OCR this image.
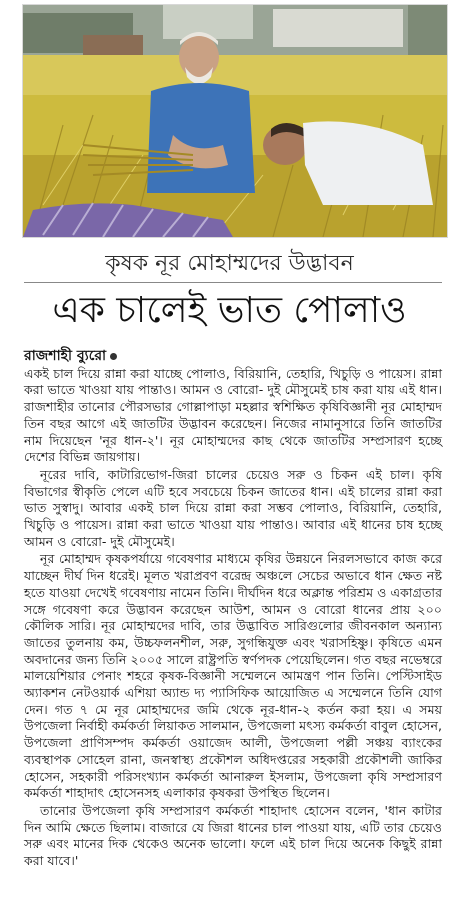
কৃষক নূর মোহাম্মদের উদ্ভাবন
এক চালেই ভাত পোলাও
রাজশাহী ব্যুরো

একই চাল দিয়ে রান্না করা যাচ্ছে পোলাও, বিরিয়ানি, তেহারি, খিচুড়ি ও পায়েস। রান্না করা ভাতে খাওয়া যায় পান্তাও। আমন ও বোরো- দুই মৌসুমেই চাষ করা যায় এই ধান। রাজশাহীর তানোর পৌরসভার গোল্লাপাড়া মহল্লার স্বশিক্ষিত কৃষিবিজ্ঞানী নূর মোহাম্মদ তিন বছর আগে এই জাতটির উদ্ভাবন করেছেন। নিজের নামানুসারে তিনি জাতটির নাম দিয়েছেন 'নূর ধান-২'। নূর মোহাম্মদের কাছ থেকে জাতটির সম্প্রসারণ হচ্ছে দেশের বিভিন্ন জায়গায়।

নূরের দাবি, কাটারিভোগ-জিরা চালের চেয়েও সরু ও চিকন এই চাল। কৃষি বিভাগের স্বীকৃতি পেলে এটি হবে সবচেয়ে চিকন জাতের ধান। এই চালের রান্না করা ভাত সুস্বাদু। আবার একই চাল দিয়ে রান্না করা সম্ভব পোলাও, বিরিয়ানি, তেহারি, খিচুড়ি ও পায়েস। রান্না করা ভাতে খাওয়া যায় পান্তাও। আবার এই ধানের চাষ হচ্ছে আমন ও বোরো- দুই মৌসুমেই।

নূর মোহাম্মদ কৃষকপর্যায়ে গবেষণার মাধ্যমে কৃষির উন্নয়নে নিরলসভাবে কাজ করে যাচ্ছেন দীর্ঘ দিন ধরেই। মূলত খরাপ্রবণ বরেন্দ্র অঞ্চলে সেচের অভাবে ধান ক্ষেত নষ্ট হতে যাওয়া দেখেই গবেষণায় নামেন তিনি। দীর্ঘদিন ধরে অক্লান্ত পরিশ্রম ও একাগ্রতার সঙ্গে গবেষণা করে উদ্ভাবন করেছেন আউশ, আমন ও বোরো ধানের প্রায় ২০০ কৌলিক সারি। নূর মোহাম্মদের দাবি, তার উদ্ভাবিত সারিগুলোর জীবনকাল অন্যান্য জাতের তুলনায় কম, উচ্চফলনশীল, সরু, সুগন্ধিযুক্ত এবং খরাসহিষ্ণু। কৃষিতে এমন অবদানের জন্য তিনি ২০০৫ সালে রাষ্ট্রপতি স্বর্ণপদক পেয়েছিলেন। গত বছর নভেম্বরে মালয়েশিয়ার পেনাং শহরে কৃষক-বিজ্ঞানী সম্মেলনে আমন্ত্রণ পান তিনি। পেস্টিসাইড অ্যাকশন নেটওয়ার্ক এশিয়া অ্যান্ড দ্য প্যাসিফিক আয়োজিত এ সম্মেলনে তিনি যোগ দেন। গত ৭ মে নূর মোহাম্মদের জমি থেকে নূর-ধান-২ কর্তন করা হয়। এ সময় উপজেলা নির্বাহী কর্মকর্তা লিয়াকত সালমান, উপজেলা মৎস্য কর্মকর্তা বাবুল হোসেন, উপজেলা প্রাণিসম্পদ কর্মকর্তা ওয়াজেদ আলী, উপজেলা পল্লী সঞ্চয় ব্যাংকের ব্যবস্থাপক সোহেল রানা, জনস্বাস্থ্য প্রকৌশল অধিদপ্তরের সহকারী প্রকৌশলী জাকির হোসেন, সহকারী পরিসংখ্যান কর্মকর্তা আনারুল ইসলাম, উপজেলা কৃষি সম্প্রসারণ কর্মকর্তা শাহাদাৎ হোসেনসহ এলাকার কৃষকরা উপস্থিত ছিলেন।

তানোর উপজেলা কৃষি সম্প্রসারণ কর্মকর্তা শাহাদাৎ হোসেন বলেন, 'ধান কাটার দিন আমি ক্ষেতে ছিলাম। বাজারে যে জিরা ধানের চাল পাওয়া যায়, এটি তার চেয়েও সরু এবং মানের দিক থেকেও অনেক ভালো। ফলে এই চাল দিয়ে অনেক কিছুই রান্না করা যাবে।'
